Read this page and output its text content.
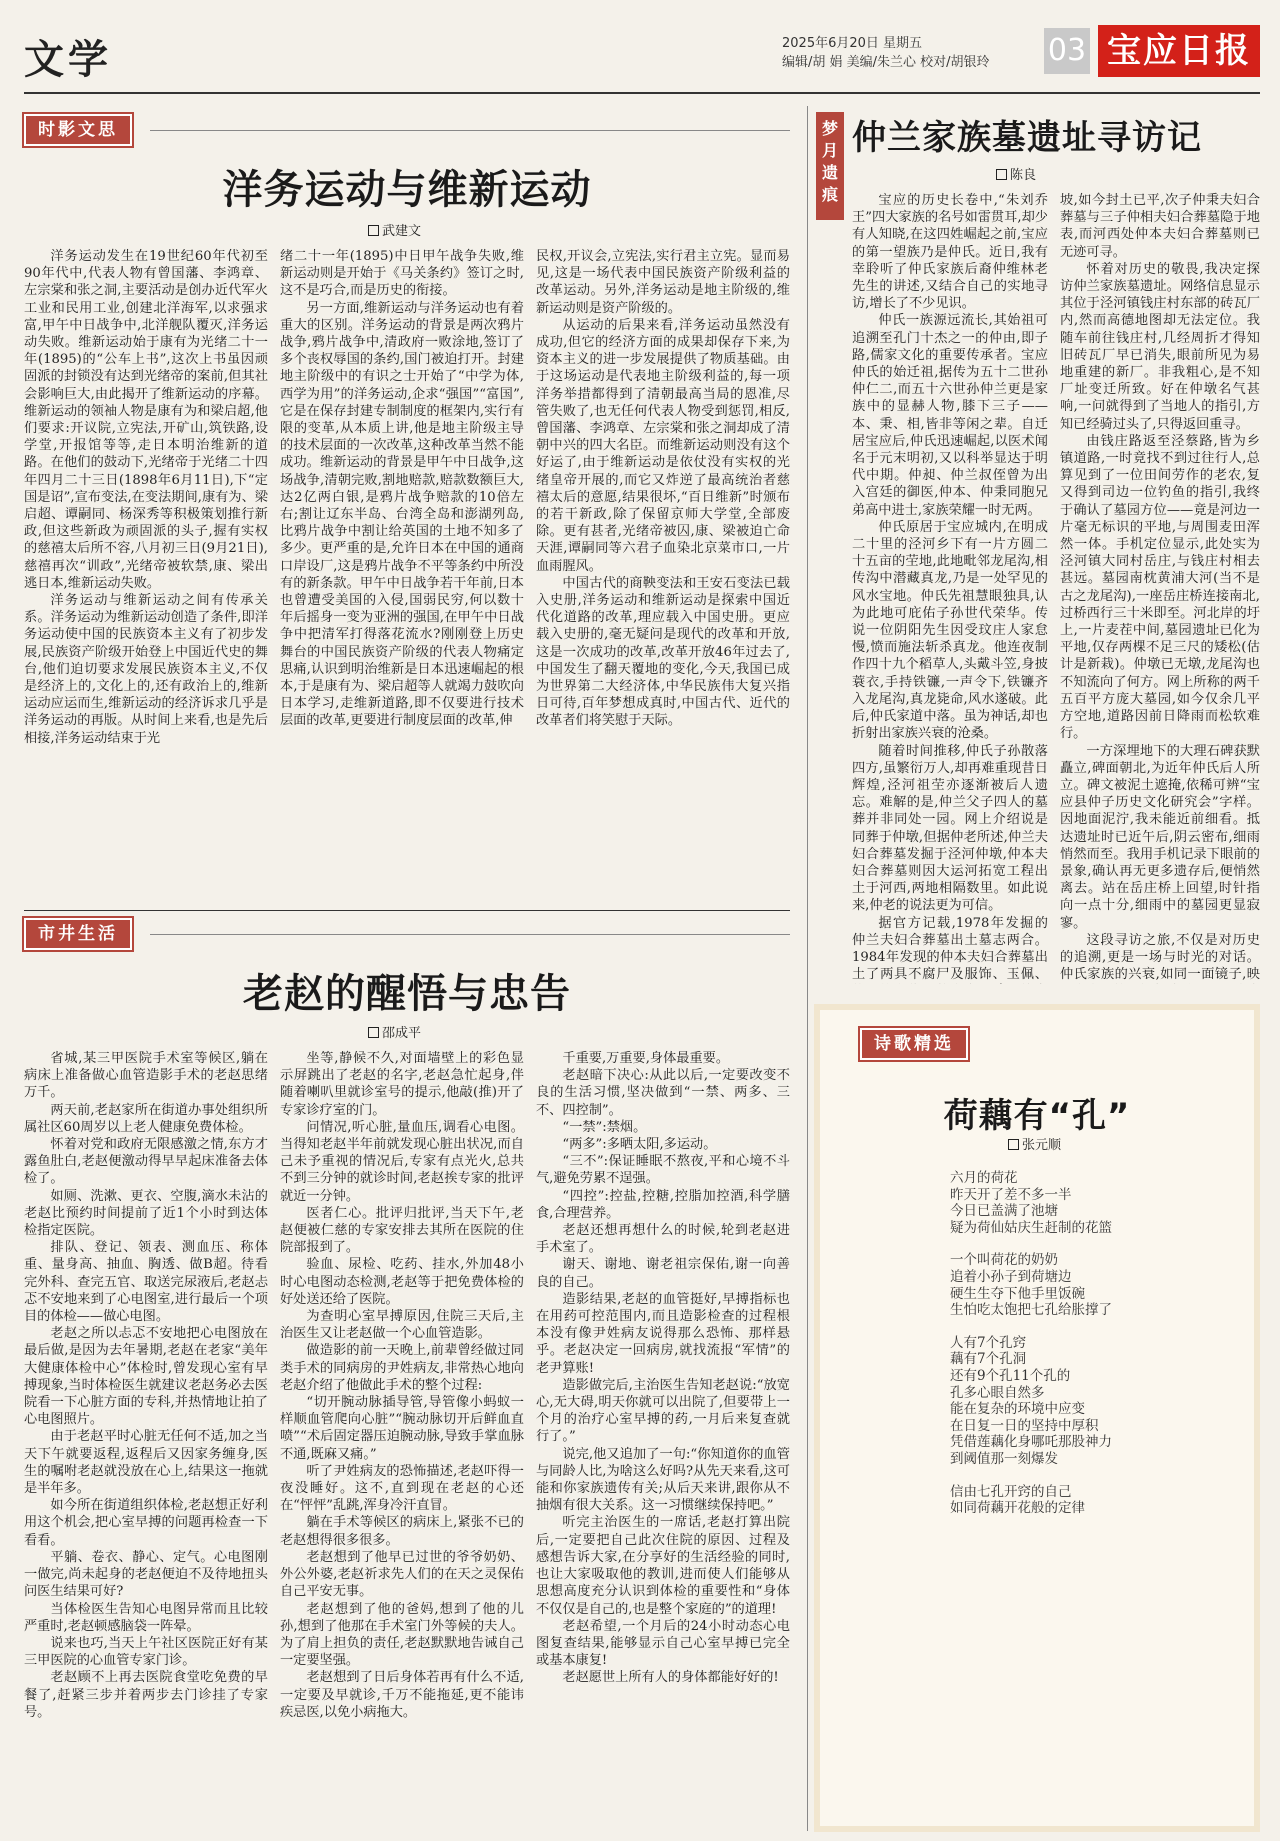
文学	2025年6月20日 星期五
编辑/胡 娟 美编/朱兰心 校对/胡银玲	03 宝应日报
时影文思
洋务运动与维新运动
武建文

洋务运动发生在19世纪60年代初至90年代中,代表人物有曾国藩、李鸿章、左宗棠和张之洞,主要活动是创办近代军火工业和民用工业,创建北洋海军,以求强求富,甲午中日战争中,北洋舰队覆灭,洋务运动失败。维新运动始于康有为光绪二十一年(1895)的“公车上书”,这次上书虽因顽固派的封锁没有达到光绪帝的案前,但其社会影响巨大,由此揭开了维新运动的序幕。维新运动的领袖人物是康有为和梁启超,他们要求:开议院,立宪法,开矿山,筑铁路,设学堂,开报馆等等,走日本明治维新的道路。在他们的鼓动下,光绪帝于光绪二十四年四月二十三日(1898年6月11日),下“定国是诏”,宣布变法,在变法期间,康有为、梁启超、谭嗣同、杨深秀等积极策划推行新政,但这些新政为顽固派的头子,握有实权的慈禧太后所不容,八月初三日(9月21日),慈禧再次“训政”,光绪帝被软禁,康、梁出逃日本,维新运动失败。

洋务运动与维新运动之间有传承关系。洋务运动为维新运动创造了条件,即洋务运动使中国的民族资本主义有了初步发展,民族资产阶级开始登上中国近代史的舞台,他们迫切要求发展民族资本主义,不仅是经济上的,文化上的,还有政治上的,维新运动应运而生,维新运动的经济诉求几乎是洋务运动的再版。从时间上来看,也是先后相接,洋务运动结束于光

绪二十一年(1895)中日甲午战争失败,维新运动则是开始于《马关条约》签订之时,这不是巧合,而是历史的衔接。

另一方面,维新运动与洋务运动也有着重大的区别。洋务运动的背景是两次鸦片战争,鸦片战争中,清政府一败涂地,签订了多个丧权辱国的条约,国门被迫打开。封建地主阶级中的有识之士开始了“中学为体,西学为用”的洋务运动,企求“强国”“富国”,它是在保存封建专制制度的框架内,实行有限的变革,从本质上讲,他是地主阶级主导的技术层面的一次改革,这种改革当然不能成功。维新运动的背景是甲午中日战争,这场战争,清朝完败,割地赔款,赔款数额巨大,达2亿两白银,是鸦片战争赔款的10倍左右;割让辽东半岛、台湾全岛和澎湖列岛,比鸦片战争中割让给英国的土地不知多了多少。更严重的是,允许日本在中国的通商口岸设厂,这是鸦片战争不平等条约中所没有的新条款。甲午中日战争若干年前,日本也曾遭受美国的入侵,国弱民穷,何以数十年后摇身一变为亚洲的强国,在甲午中日战争中把清军打得落花流水?刚刚登上历史舞台的中国民族资产阶级的代表人物痛定思痛,认识到明治维新是日本迅速崛起的根本,于是康有为、梁启超等人就竭力鼓吹向日本学习,走维新道路,即不仅要进行技术层面的改革,更要进行制度层面的改革,伸

民权,开议会,立宪法,实行君主立宪。显而易见,这是一场代表中国民族资产阶级利益的改革运动。另外,洋务运动是地主阶级的,维新运动则是资产阶级的。

从运动的后果来看,洋务运动虽然没有成功,但它的经济方面的成果却保存下来,为资本主义的进一步发展提供了物质基础。由于这场运动是代表地主阶级利益的,每一项洋务举措都得到了清朝最高当局的恩准,尽管失败了,也无任何代表人物受到惩罚,相反,曾国藩、李鸿章、左宗棠和张之洞却成了清朝中兴的四大名臣。而维新运动则没有这个好运了,由于维新运动是依仗没有实权的光绪皇帝开展的,而它又炸逆了最高统治者慈禧太后的意愿,结果很坏,“百日维新”时颁布的若干新政,除了保留京师大学堂,全部废除。更有甚者,光绪帝被囚,康、梁被迫亡命天涯,谭嗣同等六君子血染北京菜市口,一片血雨腥风。

中国古代的商鞅变法和王安石变法已载入史册,洋务运动和维新运动是探索中国近代化道路的改革,理应载入中国史册。更应载入史册的,毫无疑问是现代的改革和开放,这是一次成功的改革,改革开放46年过去了,中国发生了翻天覆地的变化,今天,我国已成为世界第二大经济体,中华民族伟大复兴指日可待,百年梦想成真时,中国古代、近代的改革者们将笑慰于天际。

市井生活
老赵的醒悟与忠告
邵成平

省城,某三甲医院手术室等候区,躺在病床上准备做心血管造影手术的老赵思绪万千。

两天前,老赵家所在街道办事处组织所属社区60周岁以上老人健康免费体检。

怀着对党和政府无限感激之情,东方才露鱼肚白,老赵便激动得早早起床准备去体检了。

如厕、洗漱、更衣、空腹,滴水未沾的老赵比预约时间提前了近1个小时到达体检指定医院。

排队、登记、领表、测血压、称体重、量身高、抽血、胸透、做B超。待看完外科、查完五官、取送完尿液后,老赵忐忑不安地来到了心电图室,进行最后一个项目的体检——做心电图。

老赵之所以忐忑不安地把心电图放在最后做,是因为去年暑期,老赵在老家“美年大健康体检中心”体检时,曾发现心室有早搏现象,当时体检医生就建议老赵务必去医院看一下心脏方面的专科,并热情地让拍了心电图照片。

由于老赵平时心脏无任何不适,加之当天下午就要返程,返程后又因家务缠身,医生的嘱咐老赵就没放在心上,结果这一拖就是半年多。

如今所在街道组织体检,老赵想正好利用这个机会,把心室早搏的问题再检查一下看看。

平躺、卷衣、静心、定气。心电图刚一做完,尚未起身的老赵便迫不及待地扭头问医生结果可好?

当体检医生告知心电图异常而且比较严重时,老赵顿感脑袋一阵晕。

说来也巧,当天上午社区医院正好有某三甲医院的心血管专家门诊。

老赵顾不上再去医院食堂吃免费的早餐了,赶紧三步并着两步去门诊挂了专家号。

坐等,静候不久,对面墙壁上的彩色显示屏跳出了老赵的名字,老赵急忙起身,伴随着喇叭里就诊室号的提示,他敲(推)开了专家诊疗室的门。

问情况,听心脏,量血压,调看心电图。当得知老赵半年前就发现心脏出状况,而自己未予重视的情况后,专家有点光火,总共不到三分钟的就诊时间,老赵挨专家的批评就近一分钟。

医者仁心。批评归批评,当天下午,老赵便被仁慈的专家安排去其所在医院的住院部报到了。

验血、尿检、吃药、挂水,外加48小时心电图动态检测,老赵等于把免费体检的好处送还给了医院。

为查明心室早搏原因,住院三天后,主治医生又让老赵做一个心血管造影。

做造影的前一天晚上,前辈曾经做过同类手术的同病房的尹姓病友,非常热心地向老赵介绍了他做此手术的整个过程:

“切开腕动脉插导管,导管像小蚂蚁一样顺血管爬向心脏”“腕动脉切开后鲜血直喷”“术后固定器压迫腕动脉,导致手掌血脉不通,既麻又痛。”

听了尹姓病友的恐怖描述,老赵吓得一夜没睡好。这不,直到现在老赵的心还在“怦怦”乱跳,浑身冷汗直冒。

躺在手术等候区的病床上,紧张不已的老赵想得很多很多。

老赵想到了他早已过世的爷爷奶奶、外公外婆,老赵祈求先人们的在天之灵保佑自己平安无事。

老赵想到了他的爸妈,想到了他的儿孙,想到了他那在手术室门外等候的夫人。为了肩上担负的责任,老赵默默地告诫自己一定要坚强。

老赵想到了日后身体若再有什么不适,一定要及早就诊,千万不能拖延,更不能讳疾忌医,以免小病拖大。

千重要,万重要,身体最重要。

老赵暗下决心:从此以后,一定要改变不良的生活习惯,坚决做到“一禁、两多、三不、四控制”。

“一禁”:禁烟。

“两多”:多晒太阳,多运动。

“三不”:保证睡眠不熬夜,平和心境不斗气,避免劳累不逞强。

“四控”:控盐,控糖,控脂加控酒,科学膳食,合理营养。

老赵还想再想什么的时候,轮到老赵进手术室了。

谢天、谢地、谢老祖宗保佑,谢一向善良的自己。

造影结果,老赵的血管挺好,早搏指标也在用药可控范围内,而且造影检查的过程根本没有像尹姓病友说得那么恐怖、那样悬乎。老赵决定一回病房,就找流报“军情”的老尹算账!

造影做完后,主治医生告知老赵说:“放宽心,无大碍,明天你就可以出院了,但要带上一个月的治疗心室早搏的药,一月后来复查就行了。”

说完,他又追加了一句:“你知道你的血管与同龄人比,为啥这么好吗?从先天来看,这可能和你家族遗传有关;从后天来讲,跟你从不抽烟有很大关系。这一习惯继续保持吧。”

听完主治医生的一席话,老赵打算出院后,一定要把自己此次住院的原因、过程及感想告诉大家,在分享好的生活经验的同时,也让大家吸取他的教训,进而使人们能够从思想高度充分认识到体检的重要性和“身体不仅仅是自己的,也是整个家庭的”的道理!

老赵希望,一个月后的24小时动态心电图复查结果,能够显示自己心室早搏已完全或基本康复!

老赵愿世上所有人的身体都能好好的!

梦月遗痕
仲兰家族墓遗址寻访记
陈良

宝应的历史长卷中,“朱刘乔王”四大家族的名号如雷贯耳,却少有人知晓,在这四姓崛起之前,宝应的第一望族乃是仲氏。近日,我有幸聆听了仲氏家族后裔仲维林老先生的讲述,又结合自己的实地寻访,增长了不少见识。

仲氏一族源远流长,其始祖可追溯至孔门十杰之一的仲由,即子路,儒家文化的重要传承者。宝应仲氏的始迁祖,据传为五十二世孙仲仁二,而五十六世孙仲兰更是家族中的显赫人物,膝下三子——本、秉、相,皆非等闲之辈。自迁居宝应后,仲氏迅速崛起,以医术闻名于元末明初,又以科举显达于明代中期。仲昶、仲兰叔侄曾为出入宫廷的御医,仲本、仲秉同胞兄弟高中进士,家族荣耀一时无两。

仲氏原居于宝应城内,在明成二十里的泾河乡下有一片方圆二十五亩的茔地,此地毗邻龙尾沟,相传沟中潜藏真龙,乃是一处罕见的风水宝地。仲氏先祖慧眼独具,认为此地可庇佑子孙世代荣华。传说一位阴阳先生因受玟庄人家怠慢,愤而施法斩杀真龙。他连夜制作四十九个稻草人,头戴斗笠,身披蓑衣,手持铁镰,一声令下,铁镰齐入龙尾沟,真龙毙命,风水遂破。此后,仲氏家道中落。虽为神话,却也折射出家族兴衰的沧桑。

随着时间推移,仲氏子孙散落四方,虽繁衍万人,却再难重现昔日辉煌,泾河祖茔亦逐渐被后人遗忘。难解的是,仲兰父子四人的墓葬并非同处一园。网上介绍说是同葬于仲墩,但据仲老所述,仲兰夫妇合葬墓发掘于泾河仲墩,仲本夫妇合葬墓则因大运河拓宽工程出土于河西,两地相隔数里。如此说来,仲老的说法更为可信。

据官方记载,1978年发掘的仲兰夫妇合葬墓出土墓志两合。1984年发现的仲本夫妇合葬墓出土了两具不腐尸及服饰、玉佩、

坡,如今封土已平,次子仲秉夫妇合葬墓与三子仲相夫妇合葬墓隐于地表,而河西处仲本夫妇合葬墓则已无迹可寻。

怀着对历史的敬畏,我决定探访仲兰家族墓遗址。网络信息显示其位于泾河镇钱庄村东部的砖瓦厂内,然而高德地图却无法定位。我随车前往钱庄村,几经周折才得知旧砖瓦厂早已消失,眼前所见为易地重建的新厂。非我粗心,是不知厂址变迁所致。好在仲墩名气甚响,一问就得到了当地人的指引,方知已经骑过头了,只得返回重寻。

由钱庄路返至泾蔡路,皆为乡镇道路,一时竟找不到过往行人,总算见到了一位田间劳作的老农,复又得到司边一位钓鱼的指引,我终于确认了墓园方位——竟是河边一片毫无标识的平地,与周围麦田浑然一体。手机定位显示,此处实为泾河镇大同村岳庄,与钱庄村相去甚远。墓园南枕黄浦大河(当不是古之龙尾沟),一座岳庄桥连接南北,过桥西行三十米即至。河北岸的圩上,一片麦茬中间,墓园遗址已化为平地,仅存两棵不足三尺的矮松(估计是新栽)。仲墩已无墩,龙尾沟也不知流向了何方。网上所称的两千五百平方庞大墓园,如今仅余几平方空地,道路因前日降雨而松软难行。

一方深埋地下的大理石碑获默矗立,碑面朝北,为近年仲氏后人所立。碑文被泥土遮掩,依稀可辨“宝应县仲子历史文化研究会”字样。因地面泥泞,我未能近前细看。抵达遗址时已近午后,阴云密布,细雨悄然而至。我用手机记录下眼前的景象,确认再无更多遗存后,便悄然离去。站在岳庄桥上回望,时针指向一点十分,细雨中的墓园更显寂寥。

这段寻访之旅,不仅是对历史的追溯,更是一场与时光的对话。仲氏家族的兴衰,如同一面镜子,映

诗歌精选
荷藕有“孔”
张元顺
六月的荷花
昨天开了差不多一半
今日已盖满了池塘
疑为荷仙姑庆生赶制的花篮
一个叫荷花的奶奶
追着小孙子到荷塘边
硬生生夺下他手里饭碗
生怕吃太饱把七孔给胀撑了
人有7个孔窍
藕有7个孔洞
还有9个孔11个孔的
孔多心眼自然多
能在复杂的环境中应变
在日复一日的坚持中厚积
凭借莲藕化身哪吒那股神力
到阈值那一刻爆发
信由七孔开窍的自己
如同荷藕开花般的定律
